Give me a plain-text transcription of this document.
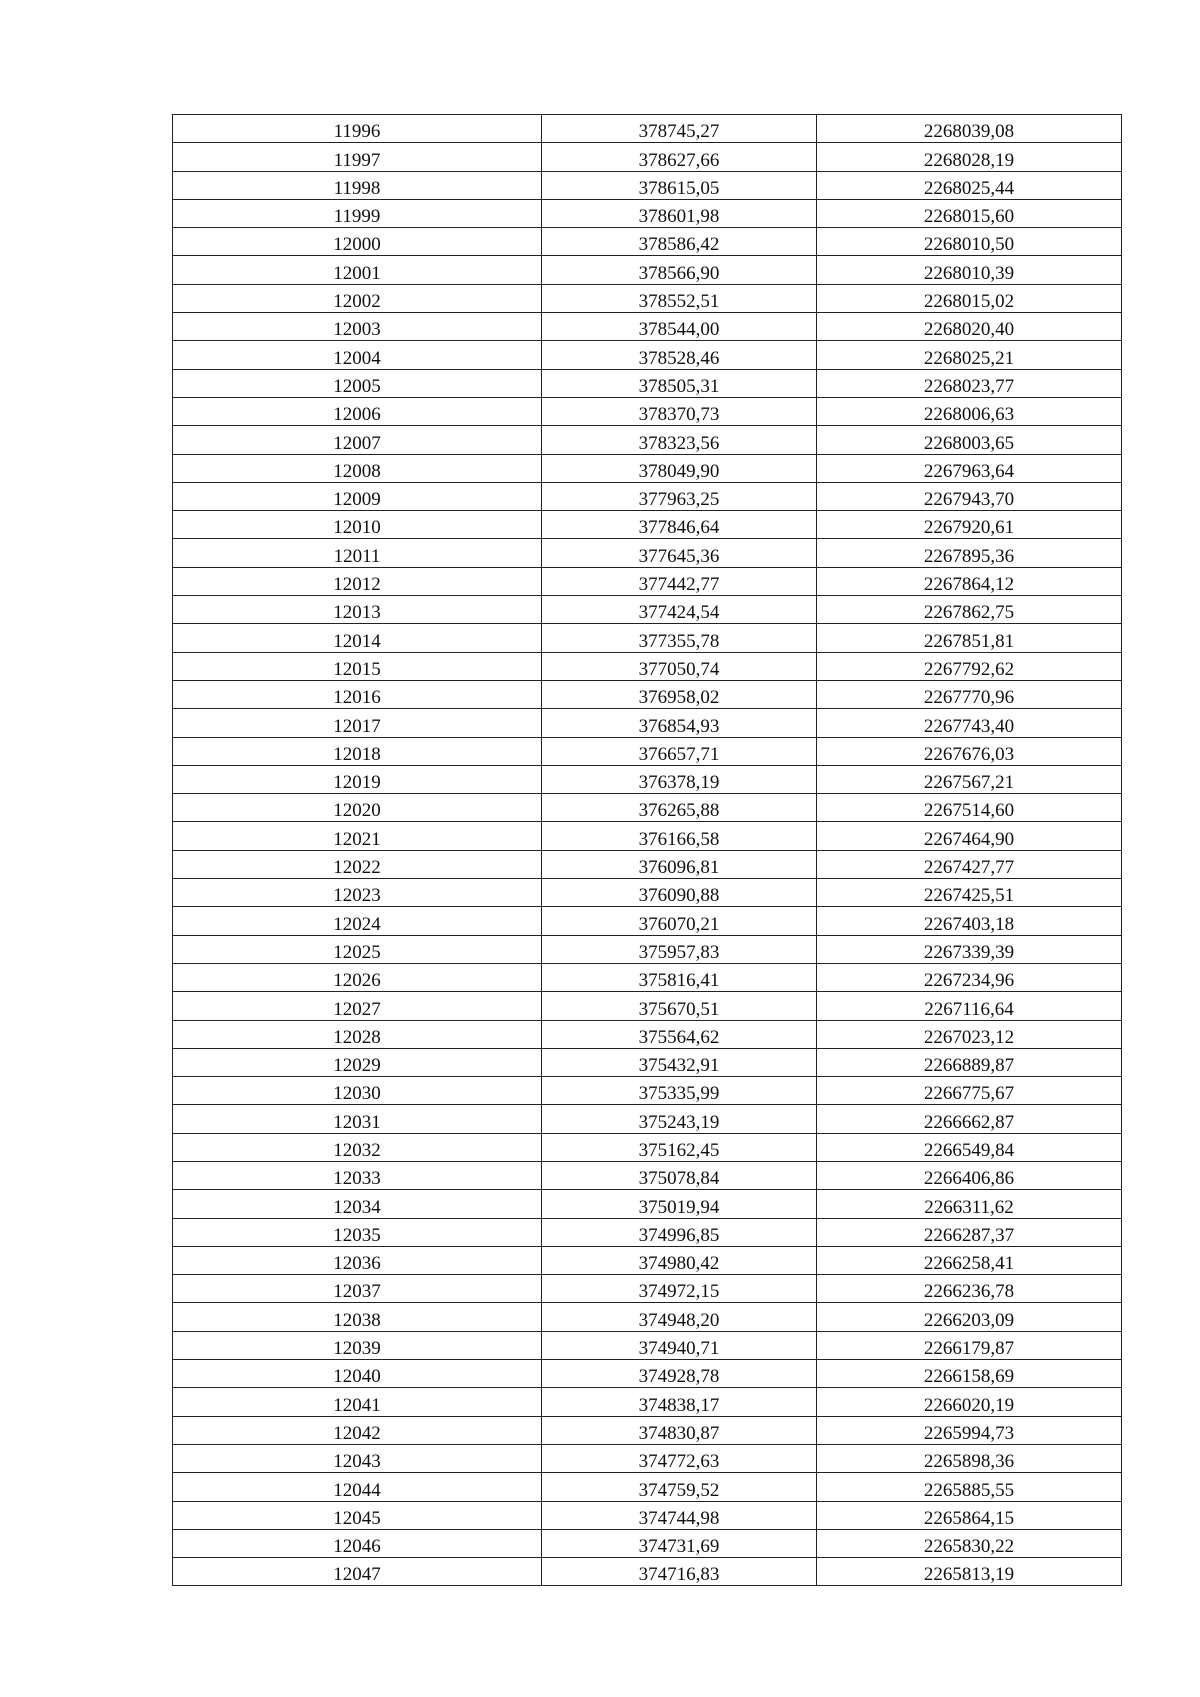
11996	378745,27	2268039,08
11997	378627,66	2268028,19
11998	378615,05	2268025,44
11999	378601,98	2268015,60
12000	378586,42	2268010,50
12001	378566,90	2268010,39
12002	378552,51	2268015,02
12003	378544,00	2268020,40
12004	378528,46	2268025,21
12005	378505,31	2268023,77
12006	378370,73	2268006,63
12007	378323,56	2268003,65
12008	378049,90	2267963,64
12009	377963,25	2267943,70
12010	377846,64	2267920,61
12011	377645,36	2267895,36
12012	377442,77	2267864,12
12013	377424,54	2267862,75
12014	377355,78	2267851,81
12015	377050,74	2267792,62
12016	376958,02	2267770,96
12017	376854,93	2267743,40
12018	376657,71	2267676,03
12019	376378,19	2267567,21
12020	376265,88	2267514,60
12021	376166,58	2267464,90
12022	376096,81	2267427,77
12023	376090,88	2267425,51
12024	376070,21	2267403,18
12025	375957,83	2267339,39
12026	375816,41	2267234,96
12027	375670,51	2267116,64
12028	375564,62	2267023,12
12029	375432,91	2266889,87
12030	375335,99	2266775,67
12031	375243,19	2266662,87
12032	375162,45	2266549,84
12033	375078,84	2266406,86
12034	375019,94	2266311,62
12035	374996,85	2266287,37
12036	374980,42	2266258,41
12037	374972,15	2266236,78
12038	374948,20	2266203,09
12039	374940,71	2266179,87
12040	374928,78	2266158,69
12041	374838,17	2266020,19
12042	374830,87	2265994,73
12043	374772,63	2265898,36
12044	374759,52	2265885,55
12045	374744,98	2265864,15
12046	374731,69	2265830,22
12047	374716,83	2265813,19
